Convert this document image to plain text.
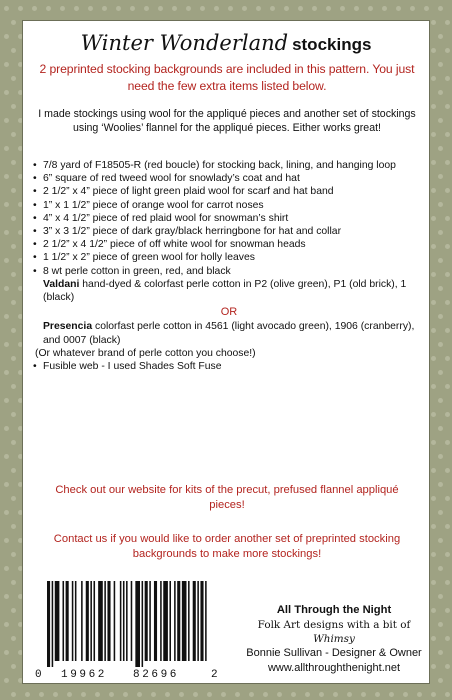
Winter Wonderland stockings
2 preprinted stocking backgrounds are included in this pattern. You just need the few extra items listed below.
I made stockings using wool for the appliqué pieces and another set of stockings using ‘Woolies’ flannel for the appliqué pieces. Either works great!
• 7/8 yard of F18505-R (red boucle) for stocking back, lining, and hanging loop
• 6” square of red tweed wool for snowlady’s coat and hat
• 2 1/2” x 4” piece of light green plaid wool for scarf and hat band
• 1” x 1 1/2” piece of orange wool for carrot noses
• 4” x 4 1/2” piece of red plaid wool for snowman’s shirt
• 3” x 3 1/2” piece of dark gray/black herringbone for hat and collar
• 2 1/2” x 4 1/2” piece of off white wool for snowman heads
• 1 1/2” x 2” piece of green wool for holly leaves
• 8 wt perle cotton in green, red, and black
Valdani hand-dyed & colorfast perle cotton in P2 (olive green), P1 (old brick), 1 (black)
OR
Presencia colorfast perle cotton in 4561 (light avocado green), 1906 (cranberry), and 0007 (black)
(Or whatever brand of perle cotton you choose!)
• Fusible web - I used Shades Soft Fuse
Check out our website for kits of the precut, prefused flannel appliqué pieces!
Contact us if you would like to order another set of preprinted stocking backgrounds to make more stockings!
0 19962 82696	2
All Through the Night
Folk Art designs with a bit of Whimsy
Bonnie Sullivan - Designer & Owner
www.allthroughthenight.net
